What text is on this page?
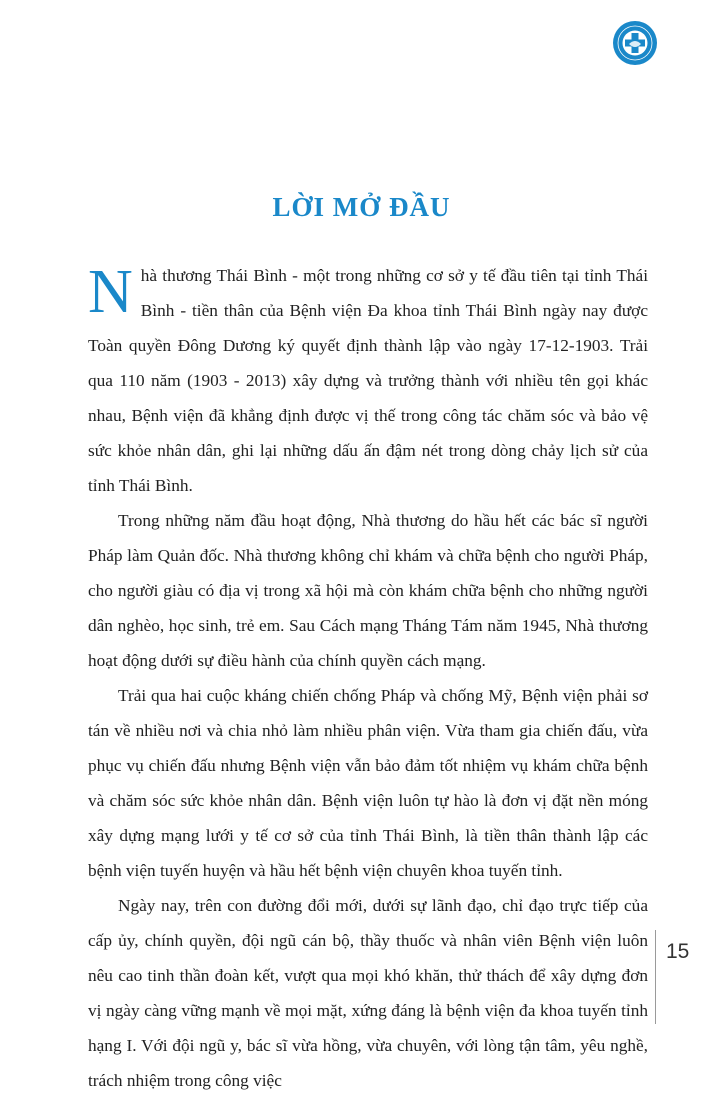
LỜI MỞ ĐẦU

Nhà thương Thái Bình - một trong những cơ sở y tế đầu tiên tại tỉnh Thái Bình - tiền thân của Bệnh viện Đa khoa tỉnh Thái Bình ngày nay được Toàn quyền Đông Dương ký quyết định thành lập vào ngày 17-12-1903. Trải qua 110 năm (1903 - 2013) xây dựng và trưởng thành với nhiều tên gọi khác nhau, Bệnh viện đã khẳng định được vị thế trong công tác chăm sóc và bảo vệ sức khỏe nhân dân, ghi lại những dấu ấn đậm nét trong dòng chảy lịch sử của tỉnh Thái Bình.

Trong những năm đầu hoạt động, Nhà thương do hầu hết các bác sĩ người Pháp làm Quản đốc. Nhà thương không chỉ khám và chữa bệnh cho người Pháp, cho người giàu có địa vị trong xã hội mà còn khám chữa bệnh cho những người dân nghèo, học sinh, trẻ em. Sau Cách mạng Tháng Tám năm 1945, Nhà thương hoạt động dưới sự điều hành của chính quyền cách mạng.

Trải qua hai cuộc kháng chiến chống Pháp và chống Mỹ, Bệnh viện phải sơ tán về nhiều nơi và chia nhỏ làm nhiều phân viện. Vừa tham gia chiến đấu, vừa phục vụ chiến đấu nhưng Bệnh viện vẫn bảo đảm tốt nhiệm vụ khám chữa bệnh và chăm sóc sức khỏe nhân dân. Bệnh viện luôn tự hào là đơn vị đặt nền móng xây dựng mạng lưới y tế cơ sở của tỉnh Thái Bình, là tiền thân thành lập các bệnh viện tuyến huyện và hầu hết bệnh viện chuyên khoa tuyến tỉnh.

Ngày nay, trên con đường đổi mới, dưới sự lãnh đạo, chỉ đạo trực tiếp của cấp ủy, chính quyền, đội ngũ cán bộ, thầy thuốc và nhân viên Bệnh viện luôn nêu cao tinh thần đoàn kết, vượt qua mọi khó khăn, thử thách để xây dựng đơn vị ngày càng vững mạnh về mọi mặt, xứng đáng là bệnh viện đa khoa tuyến tỉnh hạng I. Với đội ngũ y, bác sĩ vừa hồng, vừa chuyên, với lòng tận tâm, yêu nghề, trách nhiệm trong công việc

15
